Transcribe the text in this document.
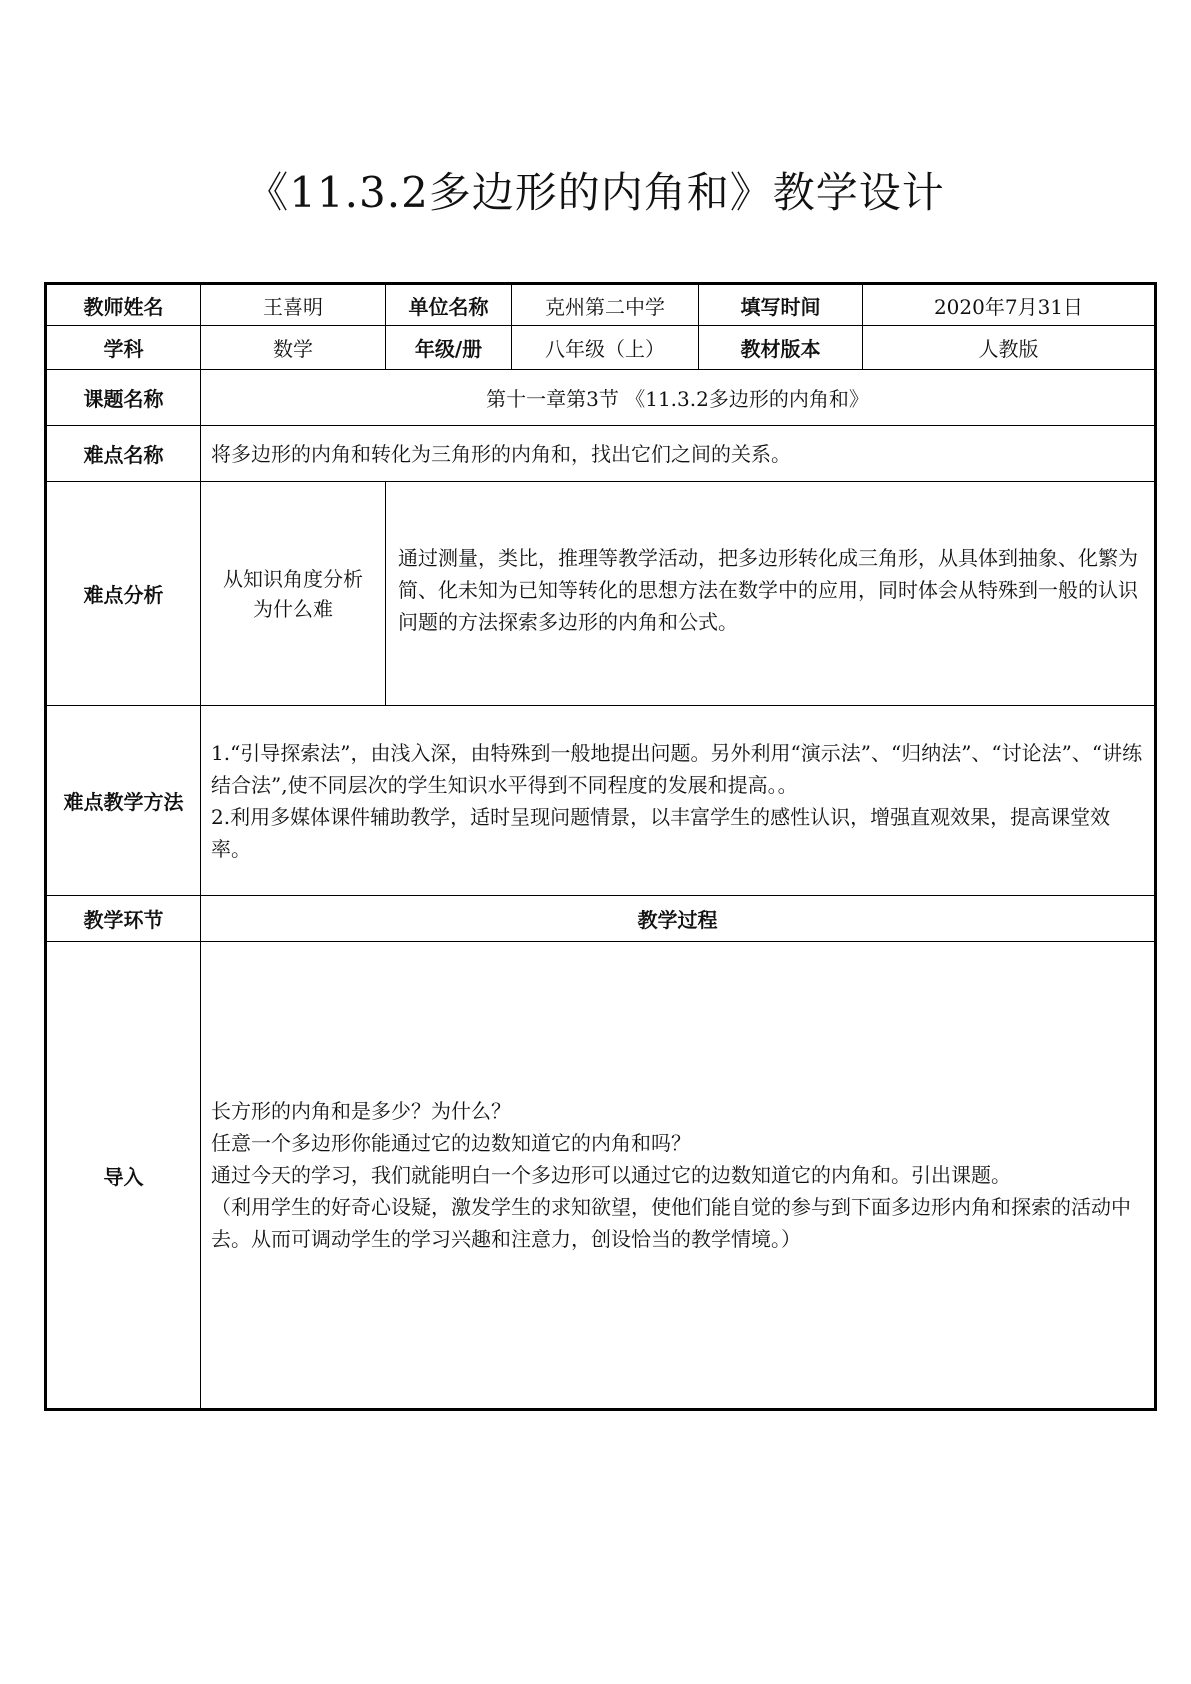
《11.3.2多边形的内角和》教学设计
教师姓名	王喜明	单位名称	克州第二中学	填写时间	2020年7月31日
学科	数学	年级/册	八年级（上）	教材版本	人教版
课题名称	第十一章第3节 《11.3.2多边形的内角和》				
难点名称	将多边形的内角和转化为三角形的内角和，找出它们之间的关系。				
难点分析	从知识角度分析为什么难	通过测量，类比，推理等教学活动，把多边形转化成三角形，从具体到抽象、化繁为简、化未知为已知等转化的思想方法在数学中的应用，同时体会从特殊到一般的认识问题的方法探索多边形的内角和公式。			
难点教学方法	1.“引导探索法”，由浅入深，由特殊到一般地提出问题。另外利用“演示法”、“归纳法”、“讨论法”、“讲练结合法”,使不同层次的学生知识水平得到不同程度的发展和提高。。
2.利用多媒体课件辅助教学，适时呈现问题情景，以丰富学生的感性认识，增强直观效果，提高课堂效率。				

教学环节	教学过程				
导入	长方形的内角和是多少？为什么？
任意一个多边形你能通过它的边数知道它的内角和吗？
通过今天的学习，我们就能明白一个多边形可以通过它的边数知道它的内角和。引出课题。
（利用学生的好奇心设疑，激发学生的求知欲望，使他们能自觉的参与到下面多边形内角和探索的活动中去。从而可调动学生的学习兴趣和注意力，创设恰当的教学情境。）				
